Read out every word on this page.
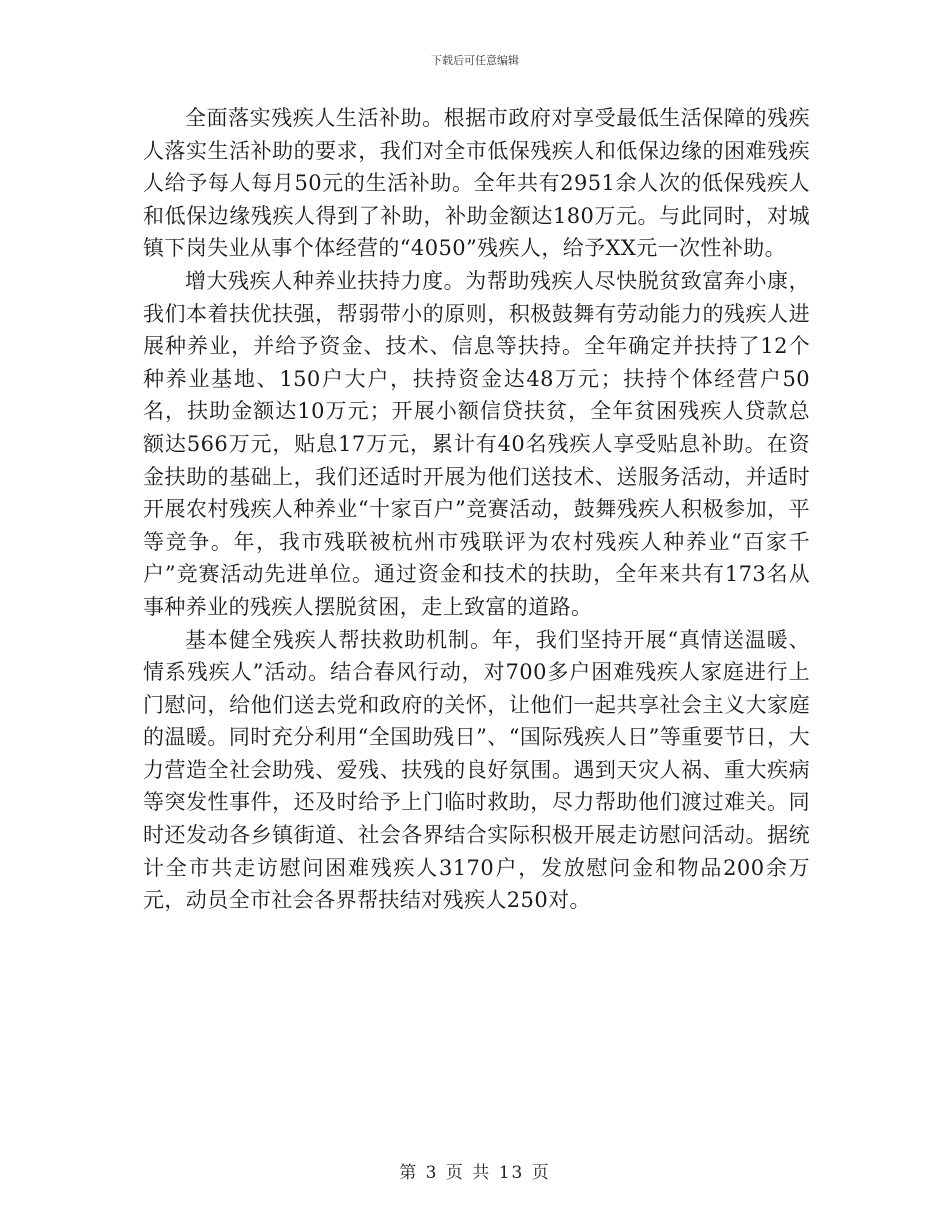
下载后可任意编辑

全面落实残疾人生活补助。根据市政府对享受最低生活保障的残疾人落实生活补助的要求，我们对全市低保残疾人和低保边缘的困难残疾人给予每人每月50元的生活补助。全年共有2951余人次的低保残疾人和低保边缘残疾人得到了补助，补助金额达180万元。与此同时，对城镇下岗失业从事个体经营的“4050”残疾人，给予XX元一次性补助。

增大残疾人种养业扶持力度。为帮助残疾人尽快脱贫致富奔小康，我们本着扶优扶强，帮弱带小的原则，积极鼓舞有劳动能力的残疾人进展种养业，并给予资金、技术、信息等扶持。全年确定并扶持了12个种养业基地、150户大户，扶持资金达48万元；扶持个体经营户50名，扶助金额达10万元；开展小额信贷扶贫，全年贫困残疾人贷款总额达566万元，贴息17万元，累计有40名残疾人享受贴息补助。在资金扶助的基础上，我们还适时开展为他们送技术、送服务活动，并适时开展农村残疾人种养业“十家百户”竞赛活动，鼓舞残疾人积极参加，平等竞争。年，我市残联被杭州市残联评为农村残疾人种养业“百家千户”竞赛活动先进单位。通过资金和技术的扶助，全年来共有173名从事种养业的残疾人摆脱贫困，走上致富的道路。

基本健全残疾人帮扶救助机制。年，我们坚持开展“真情送温暖、情系残疾人”活动。结合春风行动，对700多户困难残疾人家庭进行上门慰问，给他们送去党和政府的关怀，让他们一起共享社会主义大家庭的温暖。同时充分利用“全国助残日”、“国际残疾人日”等重要节日，大力营造全社会助残、爱残、扶残的良好氛围。遇到天灾人祸、重大疾病等突发性事件，还及时给予上门临时救助，尽力帮助他们渡过难关。同时还发动各乡镇街道、社会各界结合实际积极开展走访慰问活动。据统计全市共走访慰问困难残疾人3170户，发放慰问金和物品200余万元，动员全市社会各界帮扶结对残疾人250对。

第 3 页 共 13 页
